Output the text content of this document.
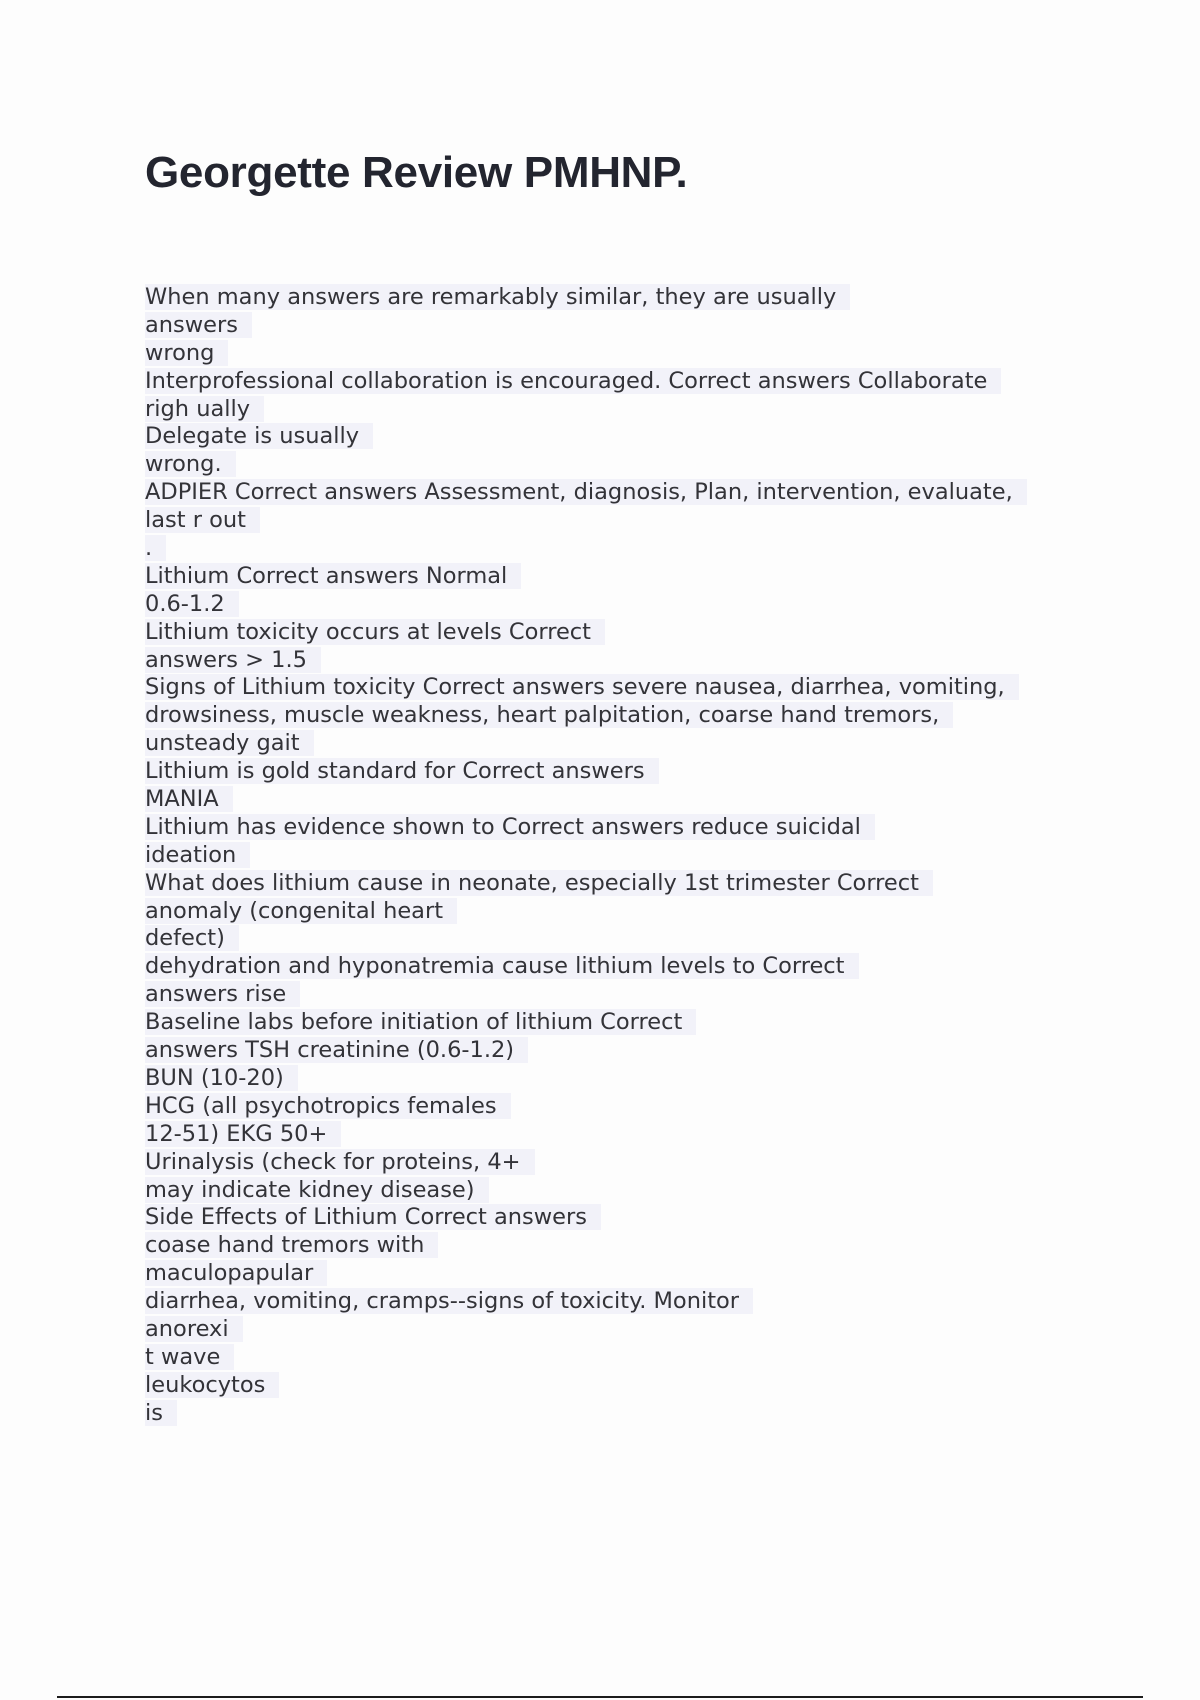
Georgette Review PMHNP.
When many answers are remarkably similar, they are usually
answers
wrong
Interprofessional collaboration is encouraged. Correct answers Collaborate
righ ually
Delegate is usually
wrong.
ADPIER Correct answers Assessment, diagnosis, Plan, intervention, evaluate,
last r out
.
Lithium Correct answers Normal
0.6-1.2
Lithium toxicity occurs at levels Correct
answers > 1.5
Signs of Lithium toxicity Correct answers severe nausea, diarrhea, vomiting,
drowsiness, muscle weakness, heart palpitation, coarse hand tremors,
unsteady gait
Lithium is gold standard for Correct answers
MANIA
Lithium has evidence shown to Correct answers reduce suicidal
ideation
What does lithium cause in neonate, especially 1st trimester Correct
anomaly (congenital heart
defect)
dehydration and hyponatremia cause lithium levels to Correct
answers rise
Baseline labs before initiation of lithium Correct
answers TSH creatinine (0.6-1.2)
BUN (10-20)
HCG (all psychotropics females
12-51) EKG 50+
Urinalysis (check for proteins, 4+
may indicate kidney disease)
Side Effects of Lithium Correct answers
coase hand tremors with
maculopapular
diarrhea, vomiting, cramps--signs of toxicity. Monitor
anorexi
t wave
leukocytos
is
